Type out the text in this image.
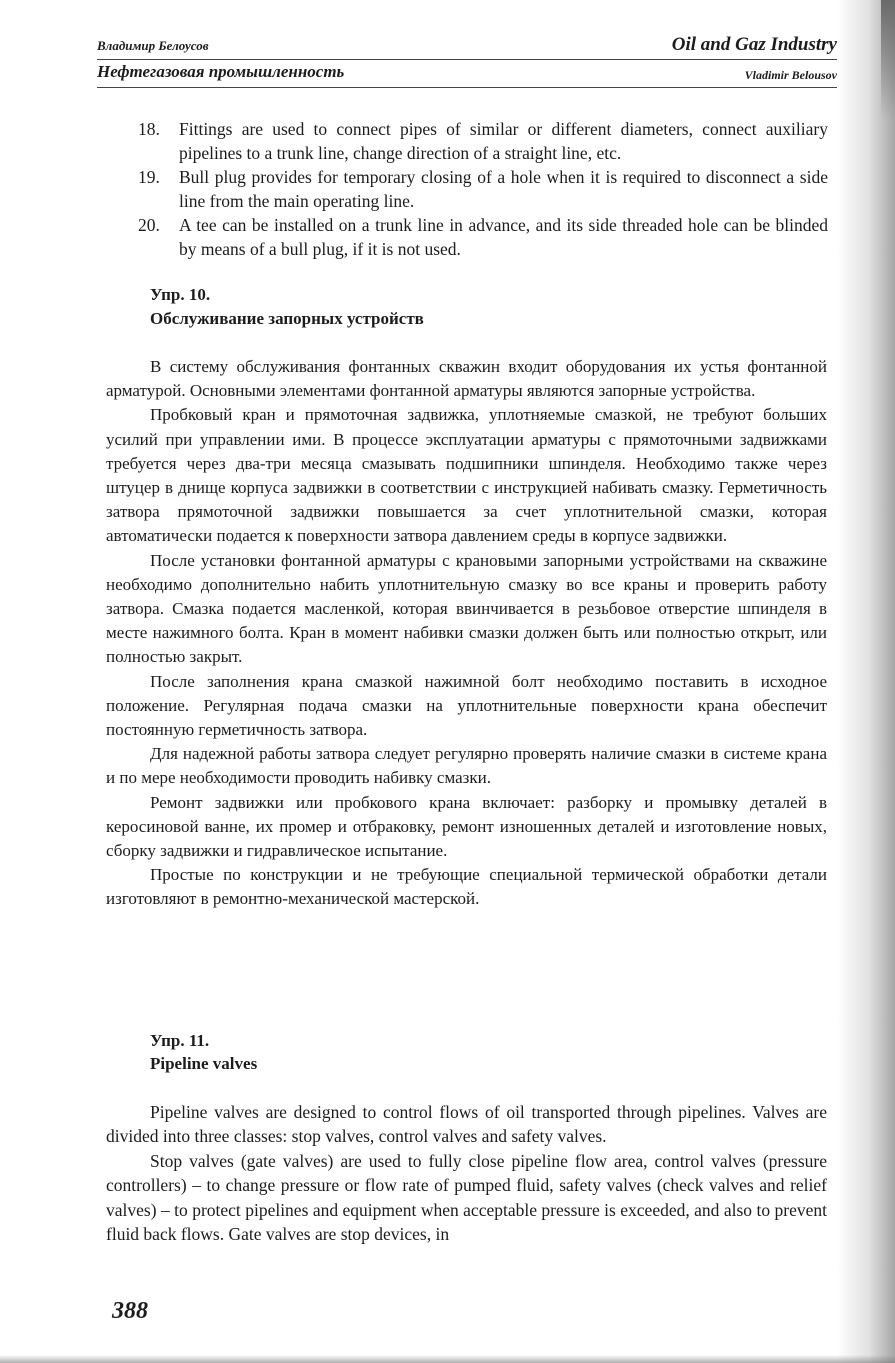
Владимир Белоусов	Oil and Gaz Industry
Нефтегазовая промышленность	Vladimir Belousov
18. Fittings are used to connect pipes of similar or different diameters, connect auxiliary pipelines to a trunk line, change direction of a straight line, etc.
19. Bull plug provides for temporary closing of a hole when it is required to disconnect a side line from the main operating line.
20. A tee can be installed on a trunk line in advance, and its side threaded hole can be blinded by means of a bull plug, if it is not used.
Упр. 10.
Обслуживание запорных устройств

В систему обслуживания фонтанных скважин входит оборудования их устья фонтанной арматурой. Основными элементами фонтанной арматуры являются запорные устройства.

Пробковый кран и прямоточная задвижка, уплотняемые смазкой, не требуют больших усилий при управлении ими. В процессе эксплуатации арматуры с прямоточными задвижками требуется через два-три месяца смазывать подшипники шпинделя. Необходимо также через штуцер в днище корпуса задвижки в соответствии с инструкцией набивать смазку. Герметичность затвора прямоточной задвижки повышается за счет уплотнительной смазки, которая автоматически подается к поверхности затвора давлением среды в корпусе задвижки.

После установки фонтанной арматуры с крановыми запорными устройствами на скважине необходимо дополнительно набить уплотнительную смазку во все краны и проверить работу затвора. Смазка подается масленкой, которая ввинчивается в резьбовое отверстие шпинделя в месте нажимного болта. Кран в момент набивки смазки должен быть или полностью открыт, или полностью закрыт.

После заполнения крана смазкой нажимной болт необходимо поставить в исходное положение. Регулярная подача смазки на уплотнительные поверхности крана обеспечит постоянную герметичность затвора.

Для надежной работы затвора следует регулярно проверять наличие смазки в системе крана и по мере необходимости проводить набивку смазки.

Ремонт задвижки или пробкового крана включает: разборку и промывку деталей в керосиновой ванне, их промер и отбраковку, ремонт изношенных деталей и изготовление новых, сборку задвижки и гидравлическое испытание.

Простые по конструкции и не требующие специальной термической обработки детали изготовляют в ремонтно-механической мастерской.

Упр. 11.
Pipeline valves

Pipeline valves are designed to control flows of oil transported through pipelines. Valves are divided into three classes: stop valves, control valves and safety valves.

Stop valves (gate valves) are used to fully close pipeline flow area, control valves (pressure controllers) – to change pressure or flow rate of pumped fluid, safety valves (check valves and relief valves) – to protect pipelines and equipment when acceptable pressure is exceeded, and also to prevent fluid back flows. Gate valves are stop devices, in

388
